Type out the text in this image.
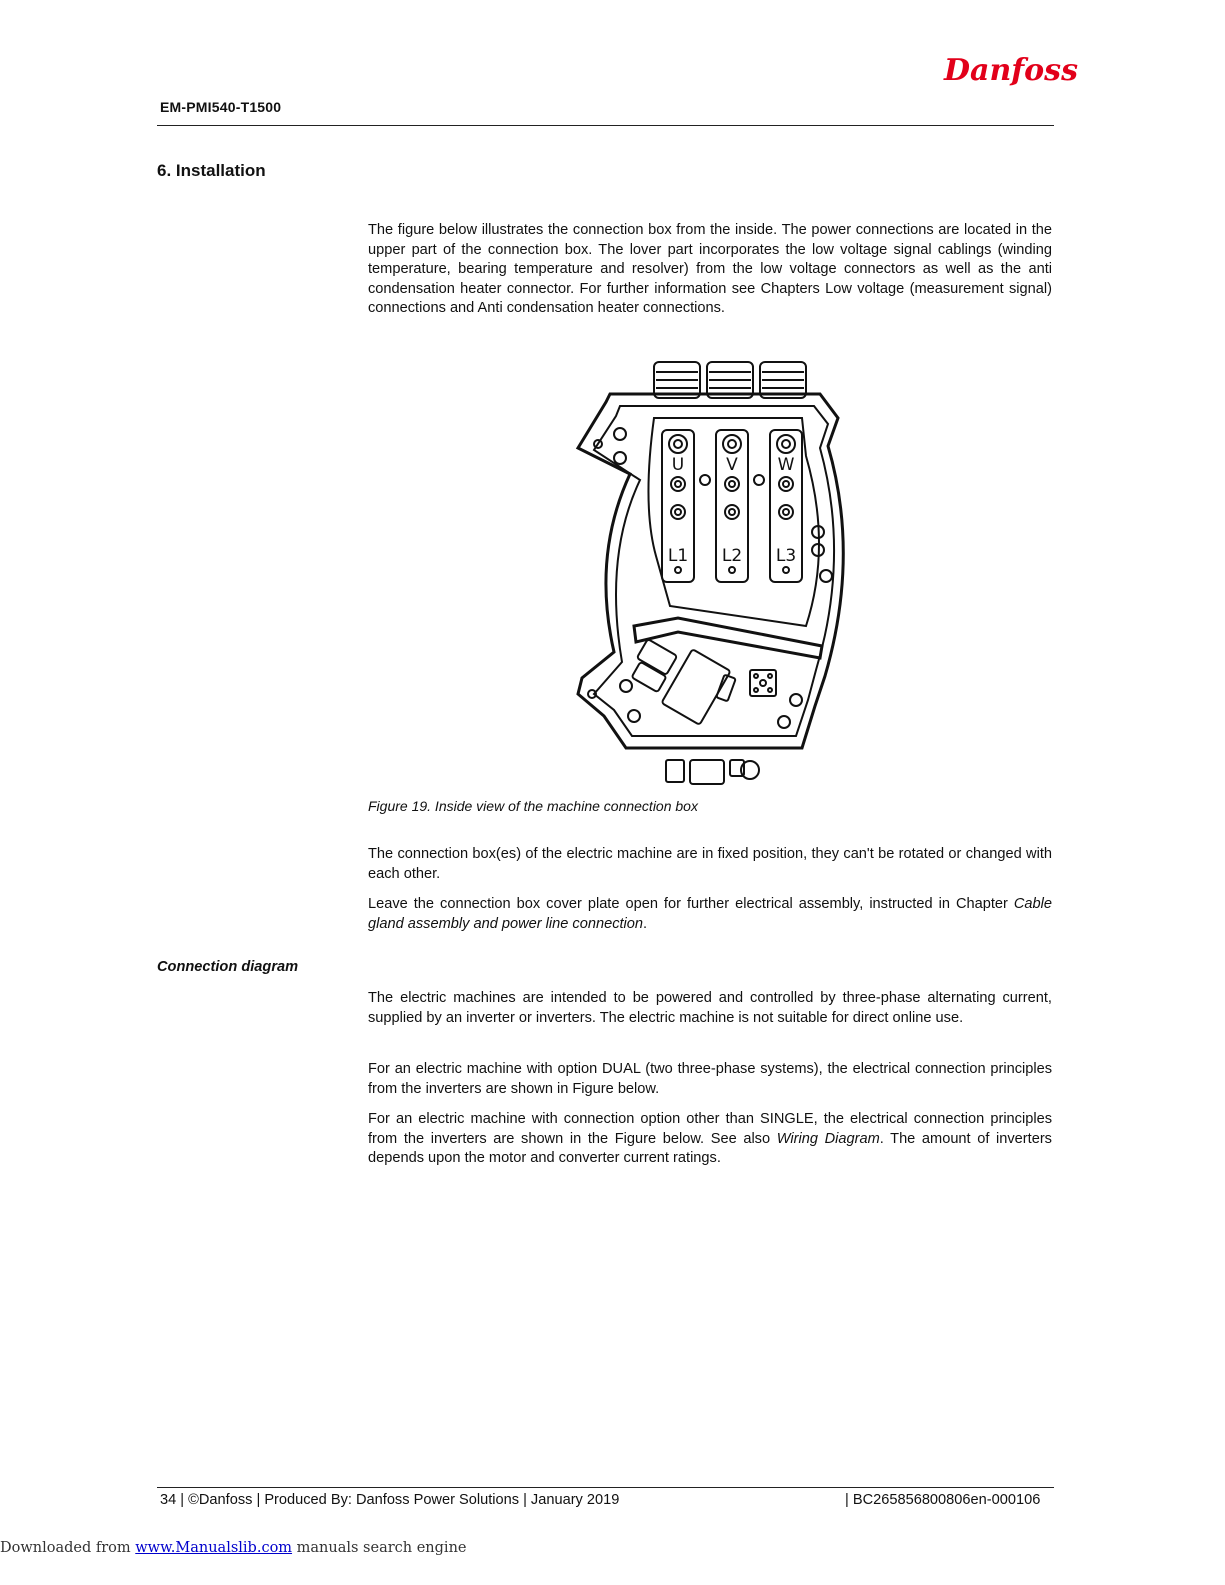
EM-PMI540-T1500
Danfoss
6. Installation
The figure below illustrates the connection box from the inside. The power connections are located in the upper part of the connection box. The lover part incorporates the low voltage signal cablings (winding temperature, bearing temperature and resolver) from the low voltage connectors as well as the anti condensation heater connector. For further information see Chapters Low voltage (measurement signal) connections and Anti condensation heater connections.
U V W
L1 L2 L3
Figure 19. Inside view of the machine connection box
The connection box(es) of the electric machine are in fixed position, they can't be rotated or changed with each other.
Leave the connection box cover plate open for further electrical assembly, instructed in Chapter Cable gland assembly and power line connection.
Connection diagram
The electric machines are intended to be powered and controlled by three-phase alternating current, supplied by an inverter or inverters. The electric machine is not suitable for direct online use.
For an electric machine with option DUAL (two three-phase systems), the electrical connection principles from the inverters are shown in Figure below.
For an electric machine with connection option other than SINGLE, the electrical connection principles from the inverters are shown in the Figure below. See also Wiring Diagram. The amount of inverters depends upon the motor and converter current ratings.
34 | ©Danfoss | Produced By: Danfoss Power Solutions | January 2019	| BC265856800806en-000106
Downloaded from www.Manualslib.com manuals search engine
